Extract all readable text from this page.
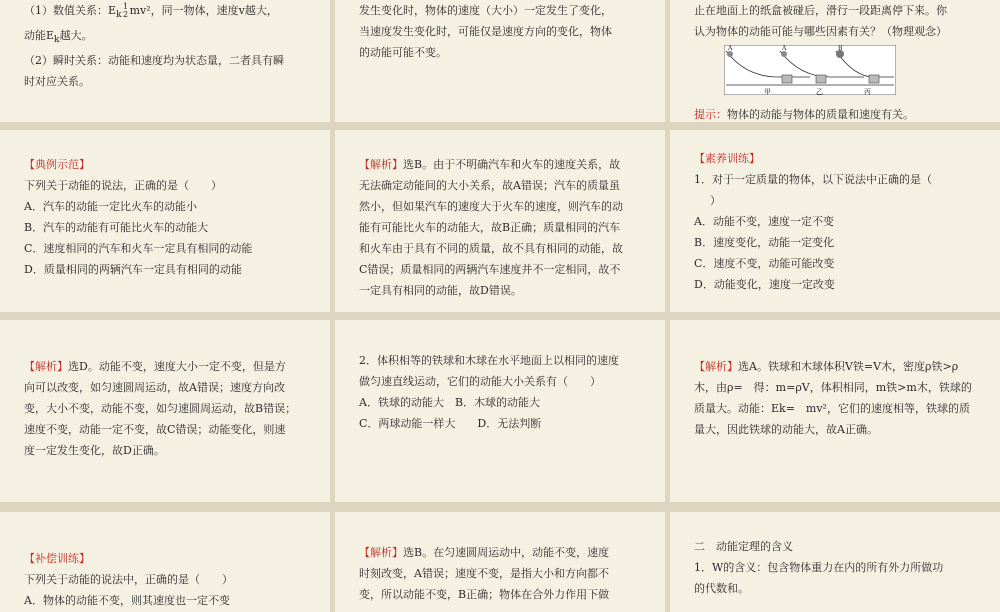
（1）数值关系：$E_k1$
2mv²，同一物体，速度v越大，

动能$E_k$越大。

（2）瞬时关系：动能和速度均为状态量，二者具有瞬

时对应关系。

发生变化时，物体的速度（大小）一定发生了变化，

当速度发生变化时，可能仅是速度方向的变化，物体

的动能可能不变。

止在地面上的纸盒被碰后，滑行一段距离停下来。你

认为物体的动能可能与哪些因素有关？（物理观念）

A	A	B
甲	乙	丙

提示：物体的动能与物体的质量和速度有关。

【典例示范】

下列关于动能的说法，正确的是（　　）

A．汽车的动能一定比火车的动能小

B．汽车的动能有可能比火车的动能大

C．速度相同的汽车和火车一定具有相同的动能

D．质量相同的两辆汽车一定具有相同的动能

【解析】选B。由于不明确汽车和火车的速度关系，故

无法确定动能间的大小关系，故A错误；汽车的质量虽

然小，但如果汽车的速度大于火车的速度，则汽车的动

能有可能比火车的动能大，故B正确；质量相同的汽车

和火车由于具有不同的质量，故不具有相同的动能，故

C错误；质量相同的两辆汽车速度并不一定相同，故不

一定具有相同的动能，故D错误。

【素养训练】

1．对于一定质量的物体，以下说法中正确的是（

）

A．动能不变，速度一定不变

B．速度变化，动能一定变化

C．速度不变，动能可能改变

D．动能变化，速度一定改变

【解析】选D。动能不变，速度大小一定不变，但是方

向可以改变，如匀速圆周运动，故A错误；速度方向改

变，大小不变，动能不变，如匀速圆周运动，故B错误；

速度不变，动能一定不变，故C错误；动能变化，则速

度一定发生变化，故D正确。

2．体积相等的铁球和木球在水平地面上以相同的速度

做匀速直线运动，它们的动能大小关系有（　　）

A．铁球的动能大　 B．木球的动能大

C．两球动能一样大　　 D．无法判断

【解析】选A。铁球和木球体积V铁=V木，密度ρ铁>ρ

木，由ρ=　得：m=ρV，体积相同，m铁>m木，铁球的

质量大。动能：Ek=　mv²，它们的速度相等，铁球的质

量大，因此铁球的动能大，故A正确。

【补偿训练】

下列关于动能的说法中，正确的是（　　）

A．物体的动能不变，则其速度也一定不变

【解析】选B。在匀速圆周运动中，动能不变，速度

时刻改变，A错误；速度不变，是指大小和方向都不

变，所以动能不变，B正确；物体在合外力作用下做

二　动能定理的含义

1．W的含义：包含物体重力在内的所有外力所做功

的代数和。
